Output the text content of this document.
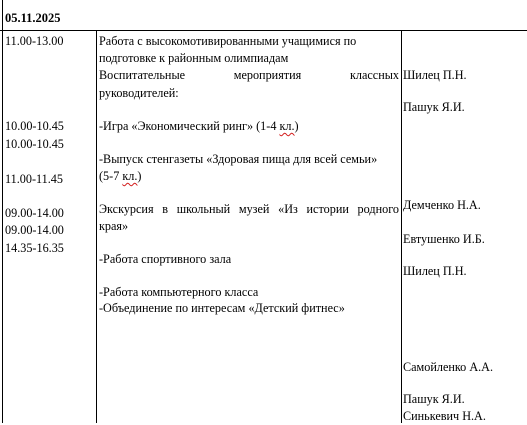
05.11.2025
11.00-13.00
10.00-10.45
10.00-10.45
11.00-11.45
09.00-14.00
09.00-14.00
14.35-16.35
Работа с высокомотивированными учащимися по
подготовке к районным олимпиадам
Воспитательные мероприятия классных
руководителей:
-Игра «Экономический ринг» (1-4 кл.)
-Выпуск стенгазеты «Здоровая пища для всей семьи»
(5-7 кл.)
Экскурсия в школьный музей «Из истории родного
края»
-Работа спортивного зала
-Работа компьютерного класса
-Объединение по интересам «Детский фитнес»
Шилец П.Н.
Пашук Я.И.
Демченко Н.А.
Евтушенко И.Б.
Шилец П.Н.
Самойленко А.А.
Пашук Я.И.
Синькевич Н.А.
